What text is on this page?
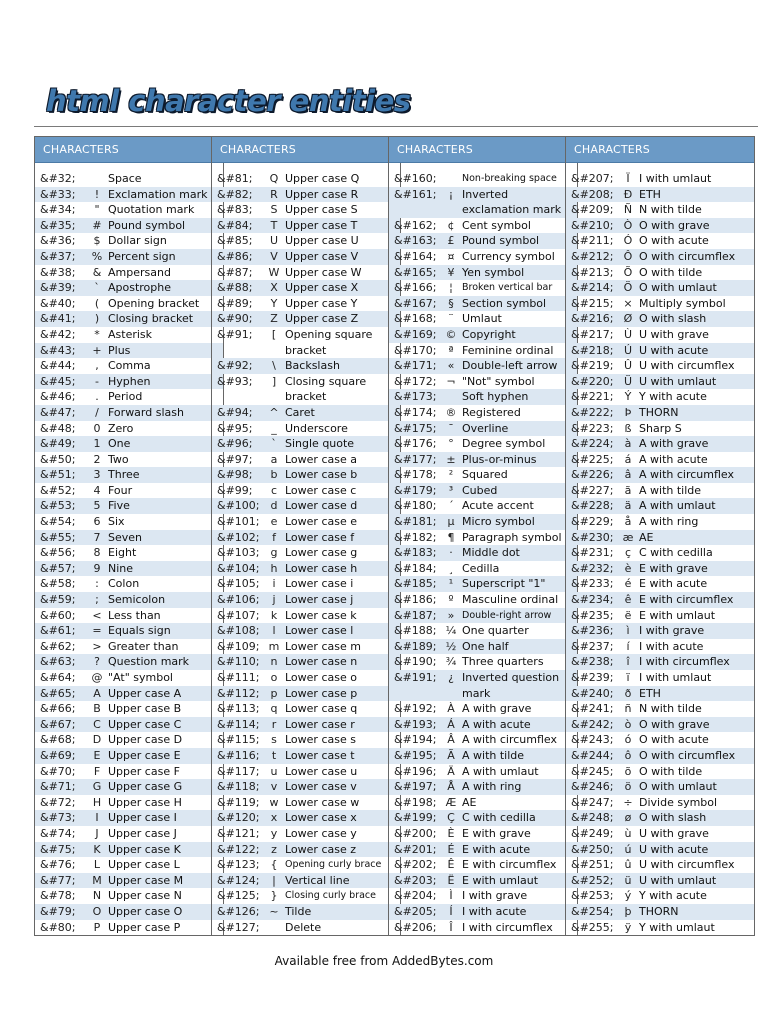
html character entities
CHARACTERS
&#32;	Space
&#33;	! Exclamation mark
&#34;	" Quotation mark
&#35;	# Pound symbol
&#36;	$ Dollar sign
&#37;	% Percent sign
&#38;	& Ampersand
&#39;	` Apostrophe
&#40;	( Opening bracket
&#41;	) Closing bracket
&#42;	* Asterisk
&#43;	+ Plus
&#44;	, Comma
&#45;	- Hyphen
&#46;	. Period
&#47;	/ Forward slash
&#48;	0 Zero
&#49;	1 One
&#50;	2 Two
&#51;	3 Three
&#52;	4 Four
&#53;	5 Five
&#54;	6 Six
&#55;	7 Seven
&#56;	8 Eight
&#57;	9 Nine
&#58;	: Colon
&#59;	; Semicolon
&#60;	< Less than
&#61;	= Equals sign
&#62;	> Greater than
&#63;	? Question mark
&#64;	@ "At" symbol
&#65;	A Upper case A
&#66;	B Upper case B
&#67;	C Upper case C
&#68;	D Upper case D
&#69;	E Upper case E
&#70;	F Upper case F
&#71;	G Upper case G
&#72;	H Upper case H
&#73;	I Upper case I
&#74;	J Upper case J
&#75;	K Upper case K
&#76;	L Upper case L
&#77;	M Upper case M
&#78;	N Upper case N
&#79;	O Upper case O
&#80;	P Upper case P
CHARACTERS
&#81;	Q Upper case Q
&#82;	R Upper case R
&#83;	S Upper case S
&#84;	T Upper case T
&#85;	U Upper case U
&#86;	V Upper case V
&#87;	W Upper case W
&#88;	X Upper case X
&#89;	Y Upper case Y
&#90;	Z Upper case Z
&#91;	[ Opening square bracket
&#92;	\ Backslash
&#93;	] Closing square bracket
&#94;	^ Caret
&#95;	_ Underscore
&#96;	` Single quote
&#97;	a Lower case a
&#98;	b Lower case b
&#99;	c Lower case c
&#100;	d Lower case d
&#101;	e Lower case e
&#102;	f Lower case f
&#103;	g Lower case g
&#104;	h Lower case h
&#105;	i Lower case i
&#106;	j Lower case j
&#107;	k Lower case k
&#108;	l Lower case l
&#109; m Lower case m
&#110;	n Lower case n
&#111;	o Lower case o
&#112;	p Lower case p
&#113;	q Lower case q
&#114;	r Lower case r
&#115;	s Lower case s
&#116;	t Lower case t
&#117;	u Lower case u
&#118;	v Lower case v
&#119; w Lower case w
&#120;	x Lower case x
&#121;	y Lower case y
&#122;	z Lower case z
&#123;	{ Opening curly brace
&#124;	| Vertical line
&#125;	} Closing curly brace
&#126; ~ Tilde
&#127;	Delete
CHARACTERS
&#160;	Non-breaking space
&#161;	¡ Inverted exclamation mark
&#162;	¢ Cent symbol
&#163;	£ Pound symbol
&#164;	¤ Currency symbol
&#165;	¥ Yen symbol
&#166;	¦ Broken vertical bar
&#167;	§ Section symbol
&#168;	¨ Umlaut
&#169; © Copyright
&#170;	ª Feminine ordinal
&#171;	« Double-left arrow
&#172; ¬ "Not" symbol
&#173;	Soft hyphen
&#174; ® Registered
&#175;	¯ Overline
&#176;	° Degree symbol
&#177; ± Plus-or-minus
&#178;	² Squared
&#179;	³ Cubed
&#180;	´ Acute accent
&#181;	µ Micro symbol
&#182;	¶ Paragraph symbol
&#183;	· Middle dot
&#184;	¸ Cedilla
&#185;	¹ Superscript "1"
&#186;	º Masculine ordinal
&#187;	» Double-right arrow
&#188; ¼ One quarter
&#189; ½ One half
&#190; ¾ Three quarters
&#191;	¿ Inverted question mark
&#192; À A with grave
&#193; Á A with acute
&#194; Â A with circumflex
&#195; Ã A with tilde
&#196; Ä A with umlaut
&#197; Å A with ring
&#198; Æ AE
&#199; Ç C with cedilla
&#200;	È E with grave
&#201;	É E with acute
&#202;	Ê E with circumflex
&#203;	Ë E with umlaut
&#204;	Ì I with grave
&#205;	Í I with acute
&#206;	Î I with circumflex
CHARACTERS
&#207;	Ï I with umlaut
&#208; Ð ETH
&#209; Ñ N with tilde
&#210; Ò O with grave
&#211; Ó O with acute
&#212; Ô O with circumflex
&#213; Õ O with tilde
&#214; Ö O with umlaut
&#215; × Multiply symbol
&#216; Ø O with slash
&#217; Ù U with grave
&#218; Ú U with acute
&#219; Û U with circumflex
&#220; Ü U with umlaut
&#221;	Ý Y with acute
&#222;	Þ THORN
&#223;	ß Sharp S
&#224;	à A with grave
&#225;	á A with acute
&#226;	â A with circumflex
&#227;	ã A with tilde
&#228;	ä A with umlaut
&#229;	å A with ring
&#230; æ AE
&#231;	ç C with cedilla
&#232;	è E with grave
&#233;	é E with acute
&#234;	ê E with circumflex
&#235;	ë E with umlaut
&#236;	ì I with grave
&#237;	í I with acute
&#238;	î I with circumflex
&#239;	ï I with umlaut
&#240;	ð ETH
&#241;	ñ N with tilde
&#242;	ò O with grave
&#243;	ó O with acute
&#244;	ô O with circumflex
&#245;	õ O with tilde
&#246;	ö O with umlaut
&#247; ÷ Divide symbol
&#248;	ø O with slash
&#249;	ù U with grave
&#250;	ú U with acute
&#251;	û U with circumflex
&#252;	ü U with umlaut
&#253;	ý Y with acute
&#254;	þ THORN
&#255;	ÿ Y with umlaut
Available free from AddedBytes.com
